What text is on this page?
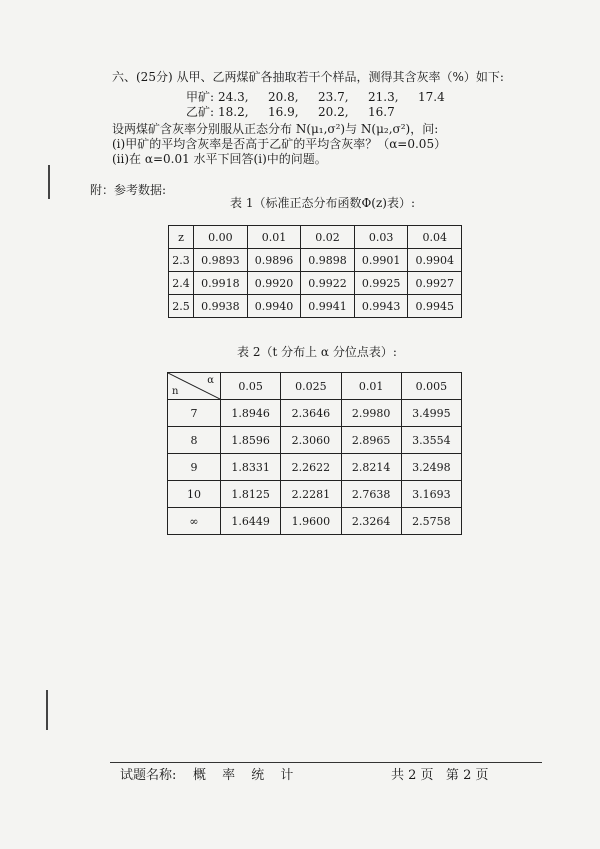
六、(25分) 从甲、乙两煤矿各抽取若干个样品，测得其含灰率（%）如下:
甲矿: 24.3, 20.8, 23.7, 21.3, 17.4
乙矿: 18.2, 16.9, 20.2, 16.7
设两煤矿含灰率分别服从正态分布 N(μ₁,σ²)与 N(μ₂,σ²)，问:
(i)甲矿的平均含灰率是否高于乙矿的平均含灰率？（α=0.05）
(ii)在 α=0.01 水平下回答(i)中的问题。
附：参考数据:
表 1（标准正态分布函数Φ(z)表）:
z	0.00	0.01	0.02	0.03	0.04
2.3	0.9893	0.9896	0.9898	0.9901	0.9904
2.4	0.9918	0.9920	0.9922	0.9925	0.9927
2.5	0.9938	0.9940	0.9941	0.9943	0.9945
表 2（t 分布上 α 分位点表）:
α
n	0.05	0.025	0.01	0.005
7	1.8946	2.3646	2.9980	3.4995
8	1.8596	2.3060	2.8965	3.3554
9	1.8331	2.2622	2.8214	3.2498
10	1.8125	2.2281	2.7638	3.1693
∞	1.6449	1.9600	2.3264	2.5758
试题名称: 概 率 统 计	共 2 页   第 2 页
